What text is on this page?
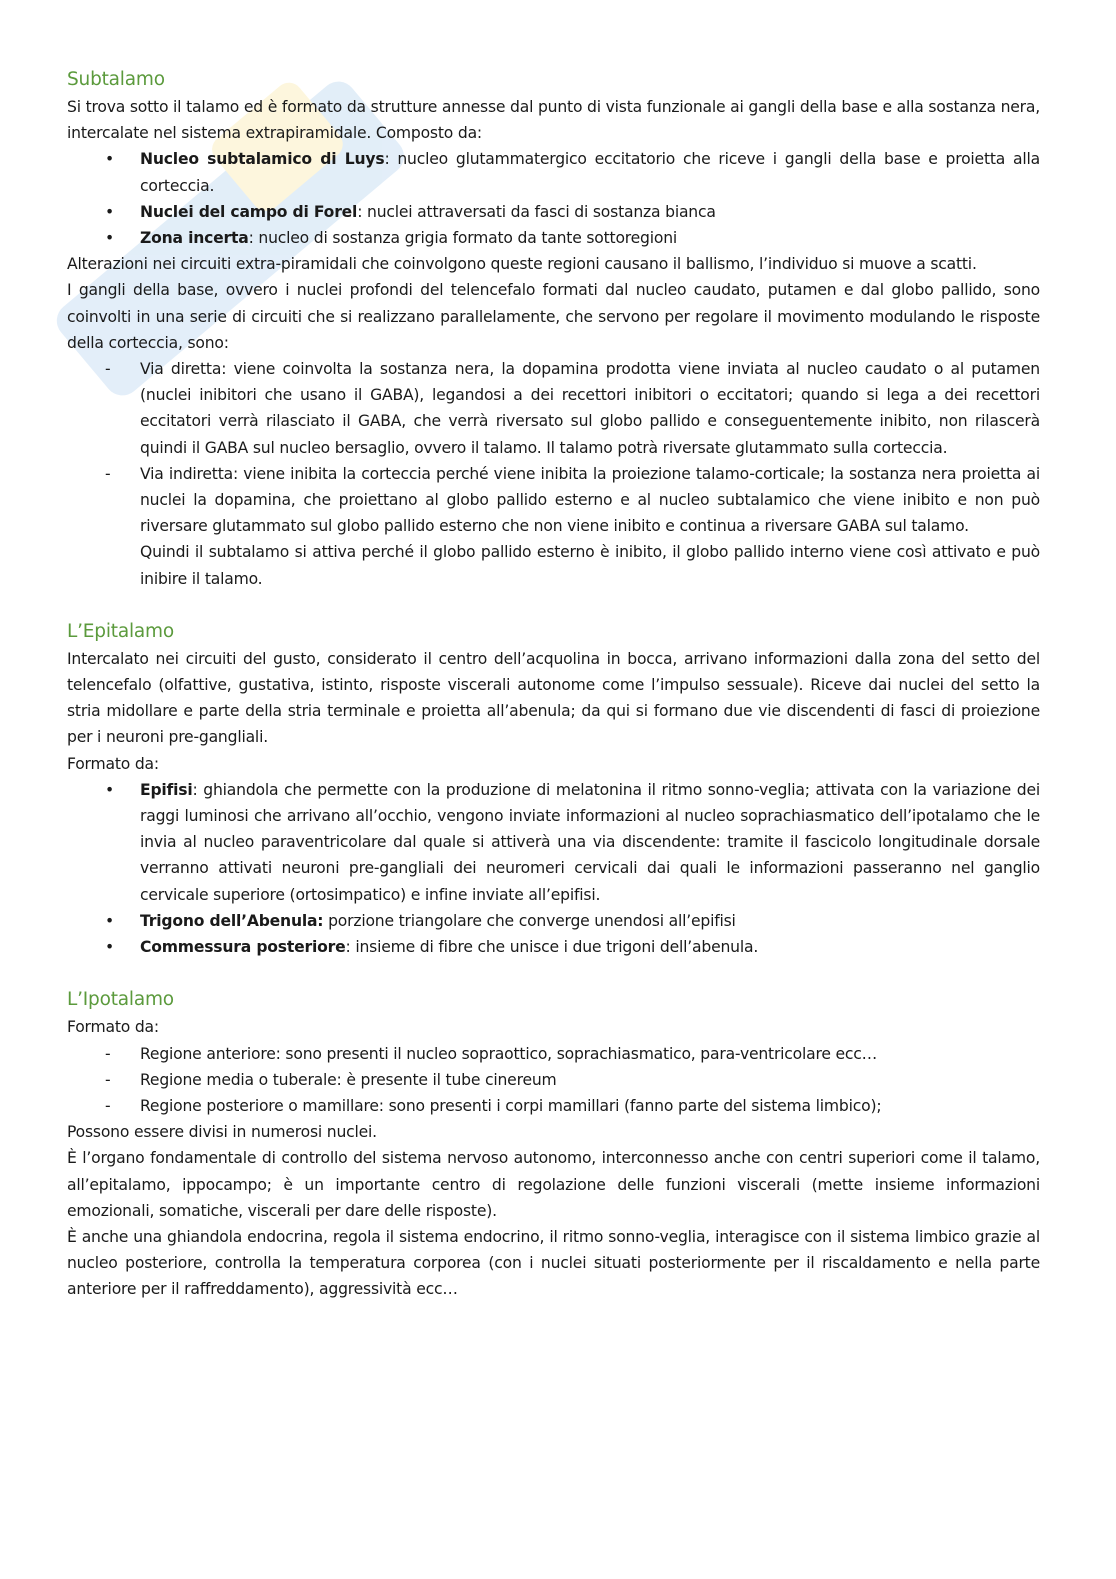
Subtalamo

Si trova sotto il talamo ed è formato da strutture annesse dal punto di vista funzionale ai gangli della base e alla sostanza nera, intercalate nel sistema extrapiramidale. Composto da:

• Nucleo subtalamico di Luys: nucleo glutammatergico eccitatorio che riceve i gangli della base e proietta alla corteccia.
• Nuclei del campo di Forel: nuclei attraversati da fasci di sostanza bianca
• Zona incerta: nucleo di sostanza grigia formato da tante sottoregioni

Alterazioni nei circuiti extra-piramidali che coinvolgono queste regioni causano il ballismo, l’individuo si muove a scatti.

I gangli della base, ovvero i nuclei profondi del telencefalo formati dal nucleo caudato, putamen e dal globo pallido, sono coinvolti in una serie di circuiti che si realizzano parallelamente, che servono per regolare il movimento modulando le risposte della corteccia, sono:

- Via diretta: viene coinvolta la sostanza nera, la dopamina prodotta viene inviata al nucleo caudato o al putamen (nuclei inibitori che usano il GABA), legandosi a dei recettori inibitori o eccitatori; quando si lega a dei recettori eccitatori verrà rilasciato il GABA, che verrà riversato sul globo pallido e conseguentemente inibito, non rilascerà quindi il GABA sul nucleo bersaglio, ovvero il talamo. Il talamo potrà riversate glutammato sulla corteccia.
- Via indiretta: viene inibita la corteccia perché viene inibita la proiezione talamo-corticale; la sostanza nera proietta ai nuclei la dopamina, che proiettano al globo pallido esterno e al nucleo subtalamico che viene inibito e non può riversare glutammato sul globo pallido esterno che non viene inibito e continua a riversare GABA sul talamo.
Quindi il subtalamo si attiva perché il globo pallido esterno è inibito, il globo pallido interno viene così attivato e può inibire il talamo.
L’Epitalamo

Intercalato nei circuiti del gusto, considerato il centro dell’acquolina in bocca, arrivano informazioni dalla zona del setto del telencefalo (olfattive, gustativa, istinto, risposte viscerali autonome come l’impulso sessuale). Riceve dai nuclei del setto la stria midollare e parte della stria terminale e proietta all’abenula; da qui si formano due vie discendenti di fasci di proiezione per i neuroni pre-gangliali.

Formato da:

• Epifisi: ghiandola che permette con la produzione di melatonina il ritmo sonno-veglia; attivata con la variazione dei raggi luminosi che arrivano all’occhio, vengono inviate informazioni al nucleo soprachiasmatico dell’ipotalamo che le invia al nucleo paraventricolare dal quale si attiverà una via discendente: tramite il fascicolo longitudinale dorsale verranno attivati neuroni pre-gangliali dei neuromeri cervicali dai quali le informazioni passeranno nel ganglio cervicale superiore (ortosimpatico) e infine inviate all’epifisi.
• Trigono dell’Abenula: porzione triangolare che converge unendosi all’epifisi
• Commessura posteriore: insieme di fibre che unisce i due trigoni dell’abenula.
L’Ipotalamo

Formato da:

- Regione anteriore: sono presenti il nucleo sopraottico, soprachiasmatico, para-ventricolare ecc…
- Regione media o tuberale: è presente il tube cinereum
- Regione posteriore o mamillare: sono presenti i corpi mamillari (fanno parte del sistema limbico);

Possono essere divisi in numerosi nuclei.

È l’organo fondamentale di controllo del sistema nervoso autonomo, interconnesso anche con centri superiori come il talamo, all’epitalamo, ippocampo; è un importante centro di regolazione delle funzioni viscerali (mette insieme informazioni emozionali, somatiche, viscerali per dare delle risposte).

È anche una ghiandola endocrina, regola il sistema endocrino, il ritmo sonno-veglia, interagisce con il sistema limbico grazie al nucleo posteriore, controlla la temperatura corporea (con i nuclei situati posteriormente per il riscaldamento e nella parte anteriore per il raffreddamento), aggressività ecc…
